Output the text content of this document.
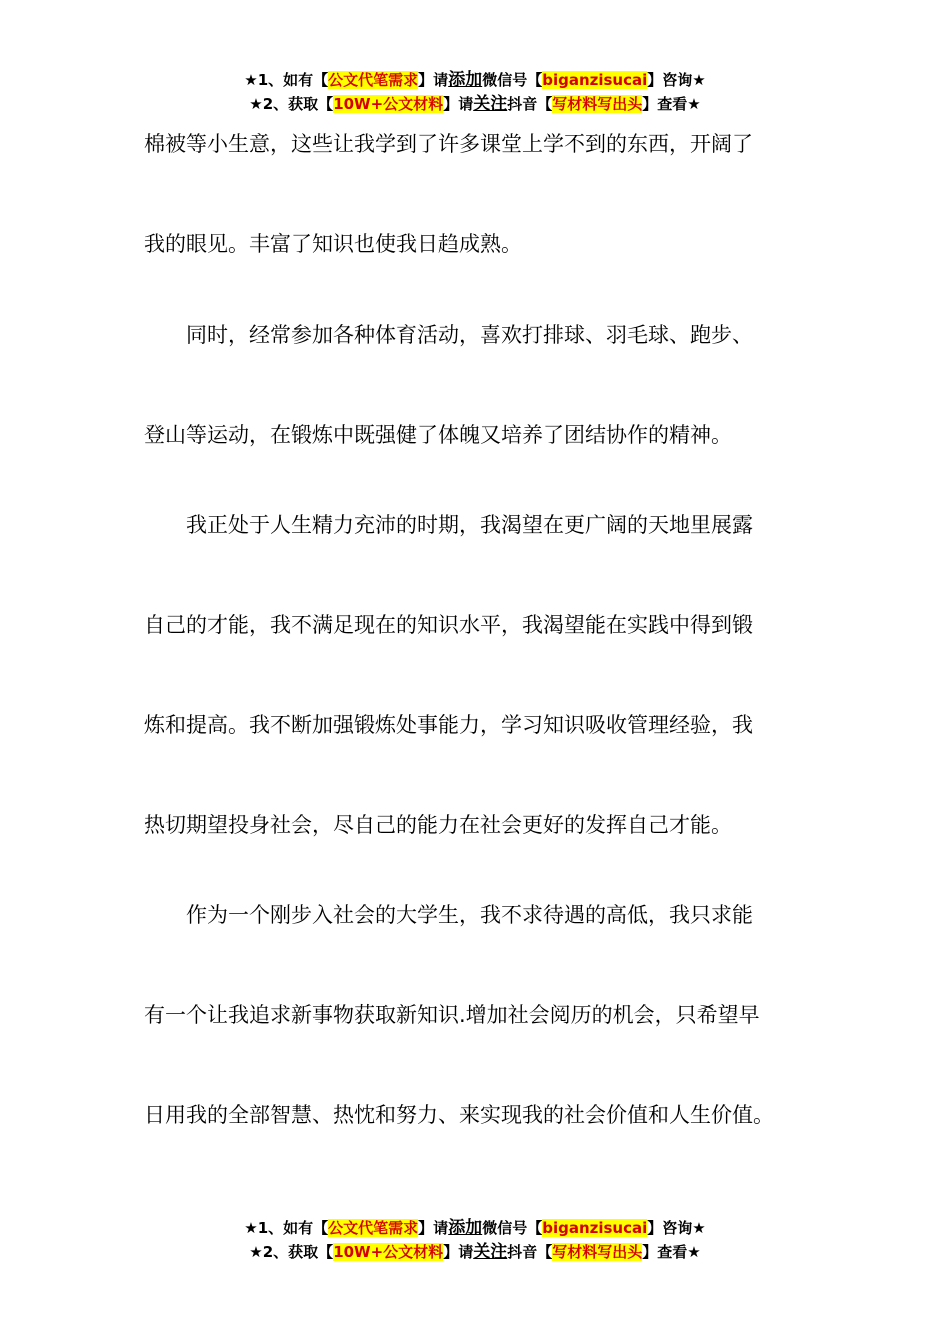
★1、如有【公文代笔需求】请添加微信号【biganzisucai】咨询★
★2、获取【10W+公文材料】请关注抖音【写材料写出头】查看★
棉被等小生意，这些让我学到了许多课堂上学不到的东西，开阔了
我的眼见。丰富了知识也使我日趋成熟。
　　同时，经常参加各种体育活动，喜欢打排球、羽毛球、跑步、
登山等运动，在锻炼中既强健了体魄又培养了团结协作的精神。
　　我正处于人生精力充沛的时期，我渴望在更广阔的天地里展露
自己的才能，我不满足现在的知识水平，我渴望能在实践中得到锻
炼和提高。我不断加强锻炼处事能力，学习知识吸收管理经验，我
热切期望投身社会，尽自己的能力在社会更好的发挥自己才能。
　　作为一个刚步入社会的大学生，我不求待遇的高低，我只求能
有一个让我追求新事物获取新知识.增加社会阅历的机会，只希望早
日用我的全部智慧、热忱和努力、来实现我的社会价值和人生价值。
★1、如有【公文代笔需求】请添加微信号【biganzisucai】咨询★
★2、获取【10W+公文材料】请关注抖音【写材料写出头】查看★
